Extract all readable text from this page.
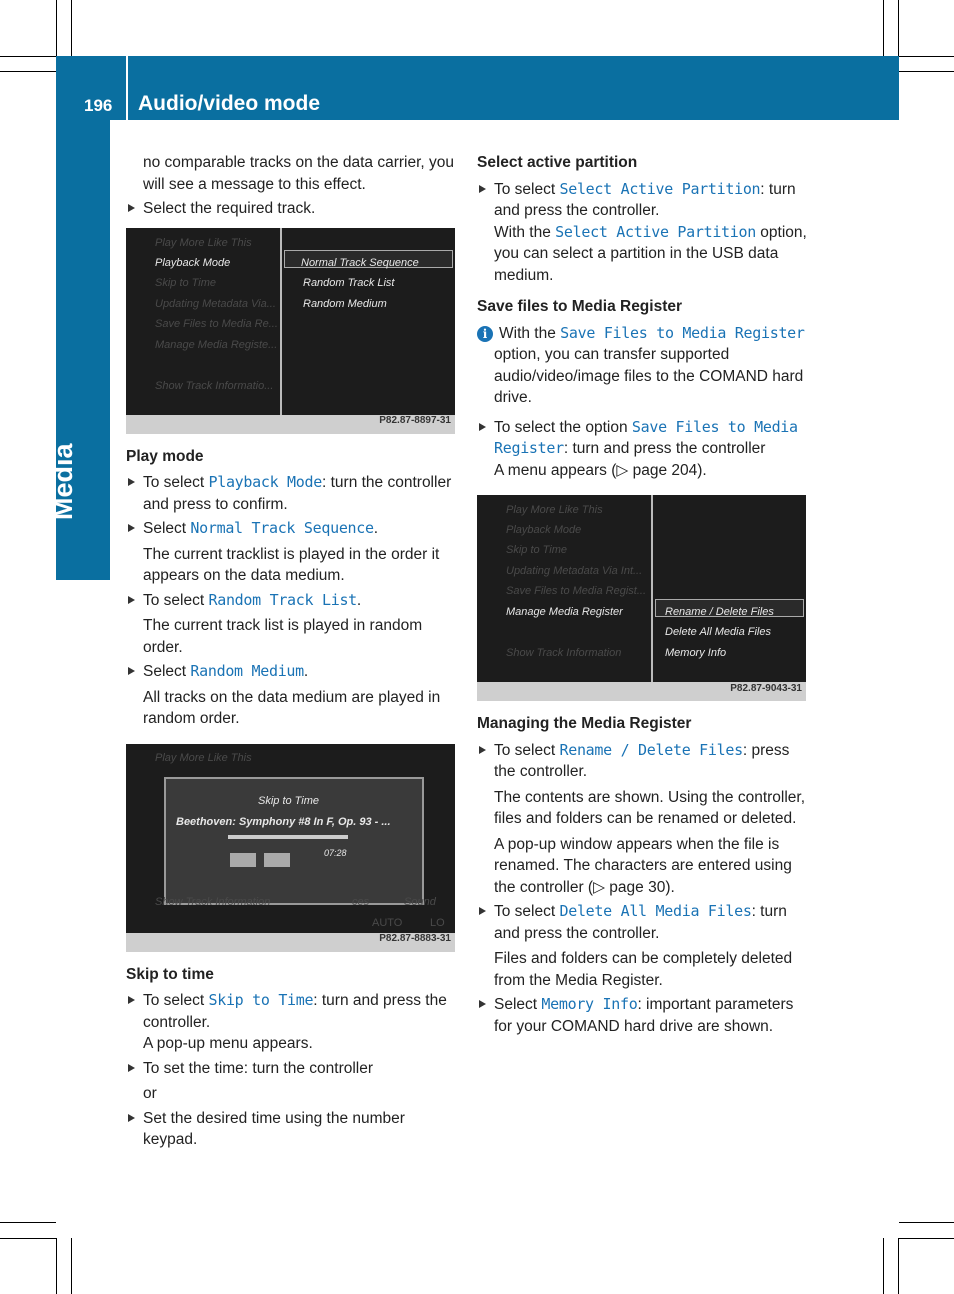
196 Audio/video mode
Media

no comparable tracks on the data carrier, you will see a message to this effect.

Select the required track.

Play More Like This
Playback Mode
Skip to Time
Updating Metadata Via...
Save Files to Media Re...
Manage Media Registe...
Show Track Informatio...
Normal Track Sequence
Random Track List
Random Medium
P82.87-8897-31

Play mode

To select Playback Mode: turn the controller and press to confirm.

Select Normal Track Sequence.

The current tracklist is played in the order it appears on the data medium.

To select Random Track List.

The current track list is played in random order.

Select Random Medium.

All tracks on the data medium are played in random order.

Play More Like This
Skip to Time
Beethoven: Symphony #8 In F, Op. 93 - ...
07:28
Show Track Information	ces	Sound
AUTO	LO
P82.87-8883-31

Skip to time

To select Skip to Time: turn and press the controller.

A pop-up menu appears.

To set the time: turn the controller

or

Set the desired time using the number keypad.

Select active partition

To select Select Active Partition: turn and press the controller.

With the Select Active Partition option, you can select a partition in the USB data medium.

Save files to Media Register

i With the Save Files to Media Register option, you can transfer supported audio/video/image files to the COMAND hard drive.

To select the option Save Files to Media Register: turn and press the controller

A menu appears (▷ page 204).

Play More Like This
Playback Mode
Skip to Time
Updating Metadata Via Int...
Save Files to Media Regist...
Manage Media Register
Show Track Information
Rename / Delete Files
Delete All Media Files
Memory Info
P82.87-9043-31

Managing the Media Register

To select Rename / Delete Files: press the controller.

The contents are shown. Using the controller, files and folders can be renamed or deleted.

A pop-up window appears when the file is renamed. The characters are entered using the controller (▷ page 30).

To select Delete All Media Files: turn and press the controller.

Files and folders can be completely deleted from the Media Register.

Select Memory Info: important parameters for your COMAND hard drive are shown.
